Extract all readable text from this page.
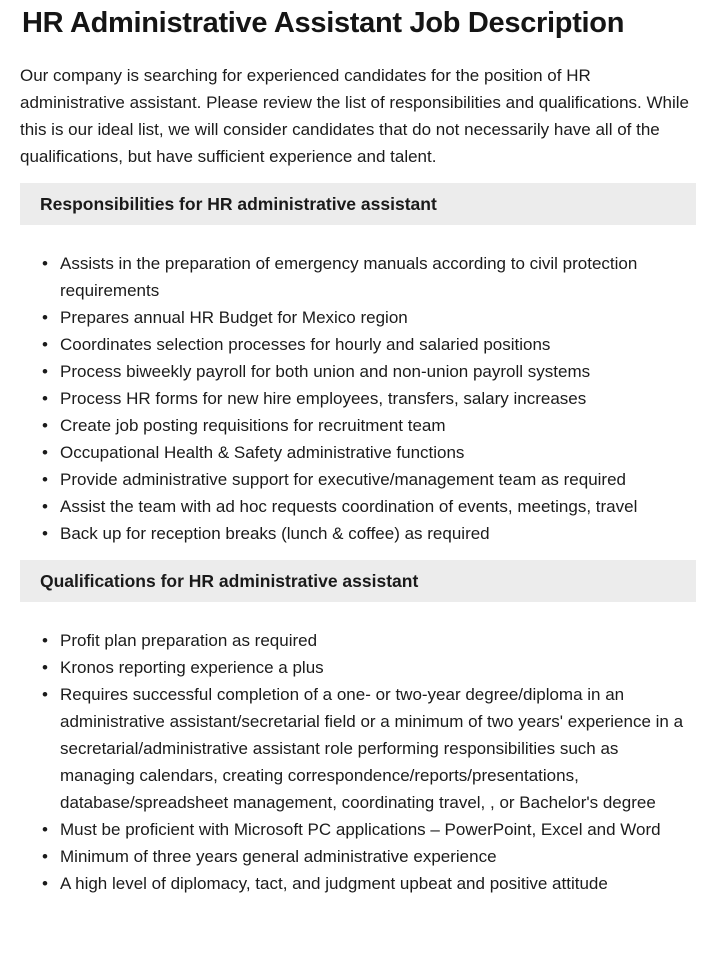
HR Administrative Assistant Job Description

Our company is searching for experienced candidates for the position of HR administrative assistant. Please review the list of responsibilities and qualifications. While this is our ideal list, we will consider candidates that do not necessarily have all of the qualifications, but have sufficient experience and talent.

Responsibilities for HR administrative assistant
• Assists in the preparation of emergency manuals according to civil protection requirements
• Prepares annual HR Budget for Mexico region
• Coordinates selection processes for hourly and salaried positions
• Process biweekly payroll for both union and non-union payroll systems
• Process HR forms for new hire employees, transfers, salary increases
• Create job posting requisitions for recruitment team
• Occupational Health & Safety administrative functions
• Provide administrative support for executive/management team as required
• Assist the team with ad hoc requests coordination of events, meetings, travel
• Back up for reception breaks (lunch & coffee) as required
Qualifications for HR administrative assistant
• Profit plan preparation as required
• Kronos reporting experience a plus
• Requires successful completion of a one- or two-year degree/diploma in an administrative assistant/secretarial field or a minimum of two years' experience in a secretarial/administrative assistant role performing responsibilities such as managing calendars, creating correspondence/reports/presentations, database/spreadsheet management, coordinating travel, , or Bachelor's degree
• Must be proficient with Microsoft PC applications – PowerPoint, Excel and Word
• Minimum of three years general administrative experience
• A high level of diplomacy, tact, and judgment upbeat and positive attitude
